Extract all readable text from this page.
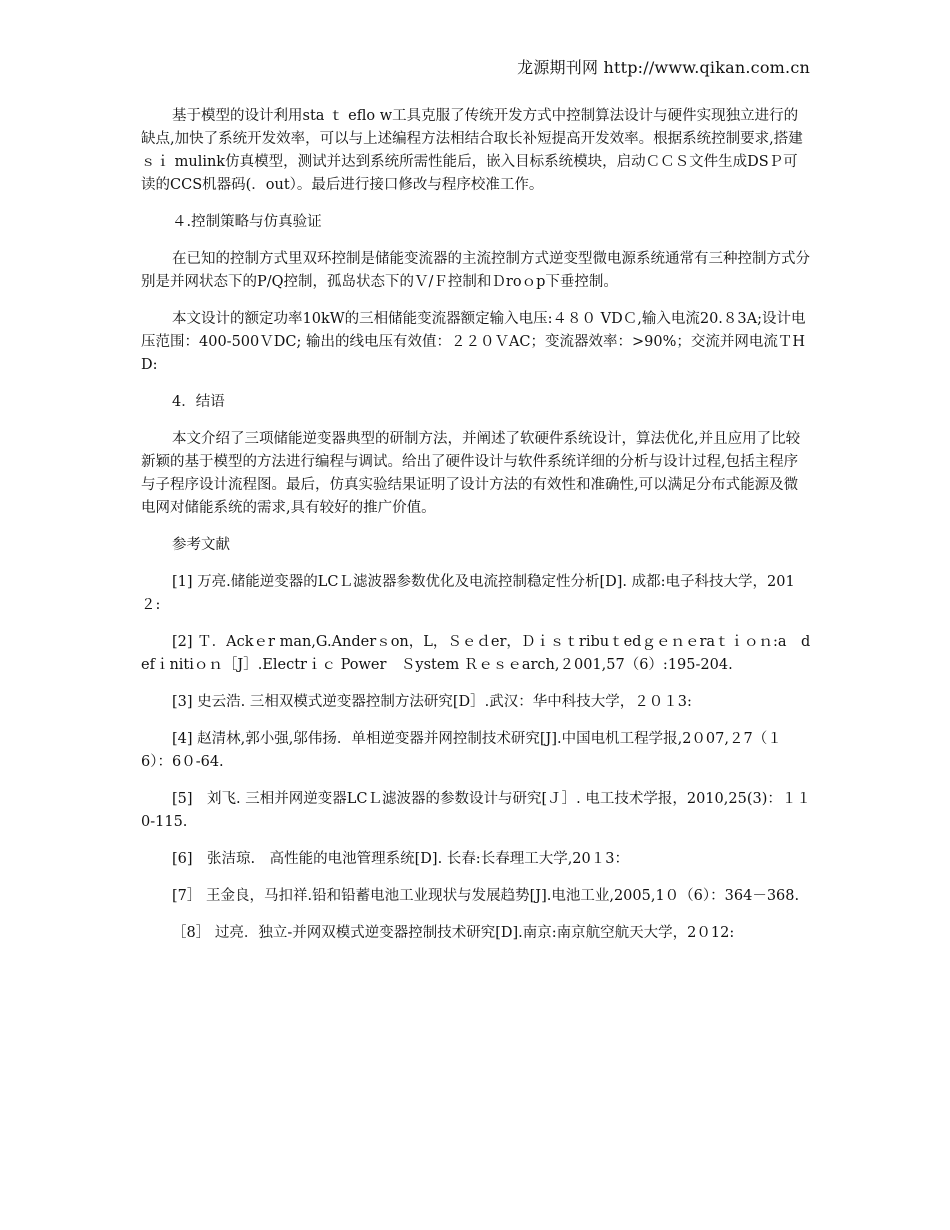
龙源期刊网 http://www.qikan.com.cn

基于模型的设计利用sta ｔ eflo w工具克服了传统开发方式中控制算法设计与硬件实现独立进行的缺点,加快了系统开发效率，可以与上述编程方法相结合取长补短提高开发效率。根据系统控制要求,搭建ｓｉ mulink仿真模型，测试并达到系统所需性能后，嵌入目标系统模块，启动ＣＣＳ文件生成DSＰ可读的CCS机器码(．out）。最后进行接口修改与程序校准工作。

４.控制策略与仿真验证

在已知的控制方式里双环控制是储能变流器的主流控制方式逆变型微电源系统通常有三种控制方式分别是并网状态下的P/Q控制，孤岛状态下的Ｖ/Ｆ控制和Ｄroｏp下垂控制。

本文设计的额定功率10kW的三相储能变流器额定输入电压:４８０ VDＣ,输入电流20.８3A;设计电压范围：400-500ＶDC; 输出的线电压有效值：２２０ＶAC；变流器效率：>90%；交流并网电流ＴHD:

4．结语

本文介绍了三项储能逆变器典型的研制方法，并阐述了软硬件系统设计，算法优化,并且应用了比较新颖的基于模型的方法进行编程与调试。给出了硬件设计与软件系统详细的分析与设计过程,包括主程序与子程序设计流程图。最后，仿真实验结果证明了设计方法的有效性和准确性,可以满足分布式能源及微电网对储能系统的需求,具有较好的推广价值。

参考文献

[1] 万亮.储能逆变器的LCＬ滤波器参数优化及电流控制稳定性分析[D]. 成都:电子科技大学，201２:

[2] Ｔ．Ackｅr man,G.Anderｓon，L，Ｓｅｄer，Ｄｉｓｔribuｔedｇｅｎｅraｔｉｏｎ:a　defｉnitiｏｎ［J］.Electrｉｃ Power　Ｓystem Ｒｅｓｅarch,２001,57（6）:195-204.

[3] 史云浩. 三相双模式逆变器控制方法研究[D］.武汉：华中科技大学，２０１3:

[4] 赵清林,郭小强,邬伟扬．单相逆变器并网控制技术研究[J].中国电机工程学报,2０07,２7（１6）：6０-64.

[5]　刘飞. 三相并网逆变器LCＬ滤波器的参数设计与研究[Ｊ］. 电工技术学报，2010,25(3)：１１0-115.

[6]　张洁琼.　高性能的电池管理系统[D]. 长春:长春理工大学,20１3：

[7］ 王金良，马扣祥.铅和铅蓄电池工业现状与发展趋势[J].电池工业,2005,1０（6）：364－368.

［8］ 过亮．独立-并网双模式逆变器控制技术研究[D].南京:南京航空航天大学，2０12:
